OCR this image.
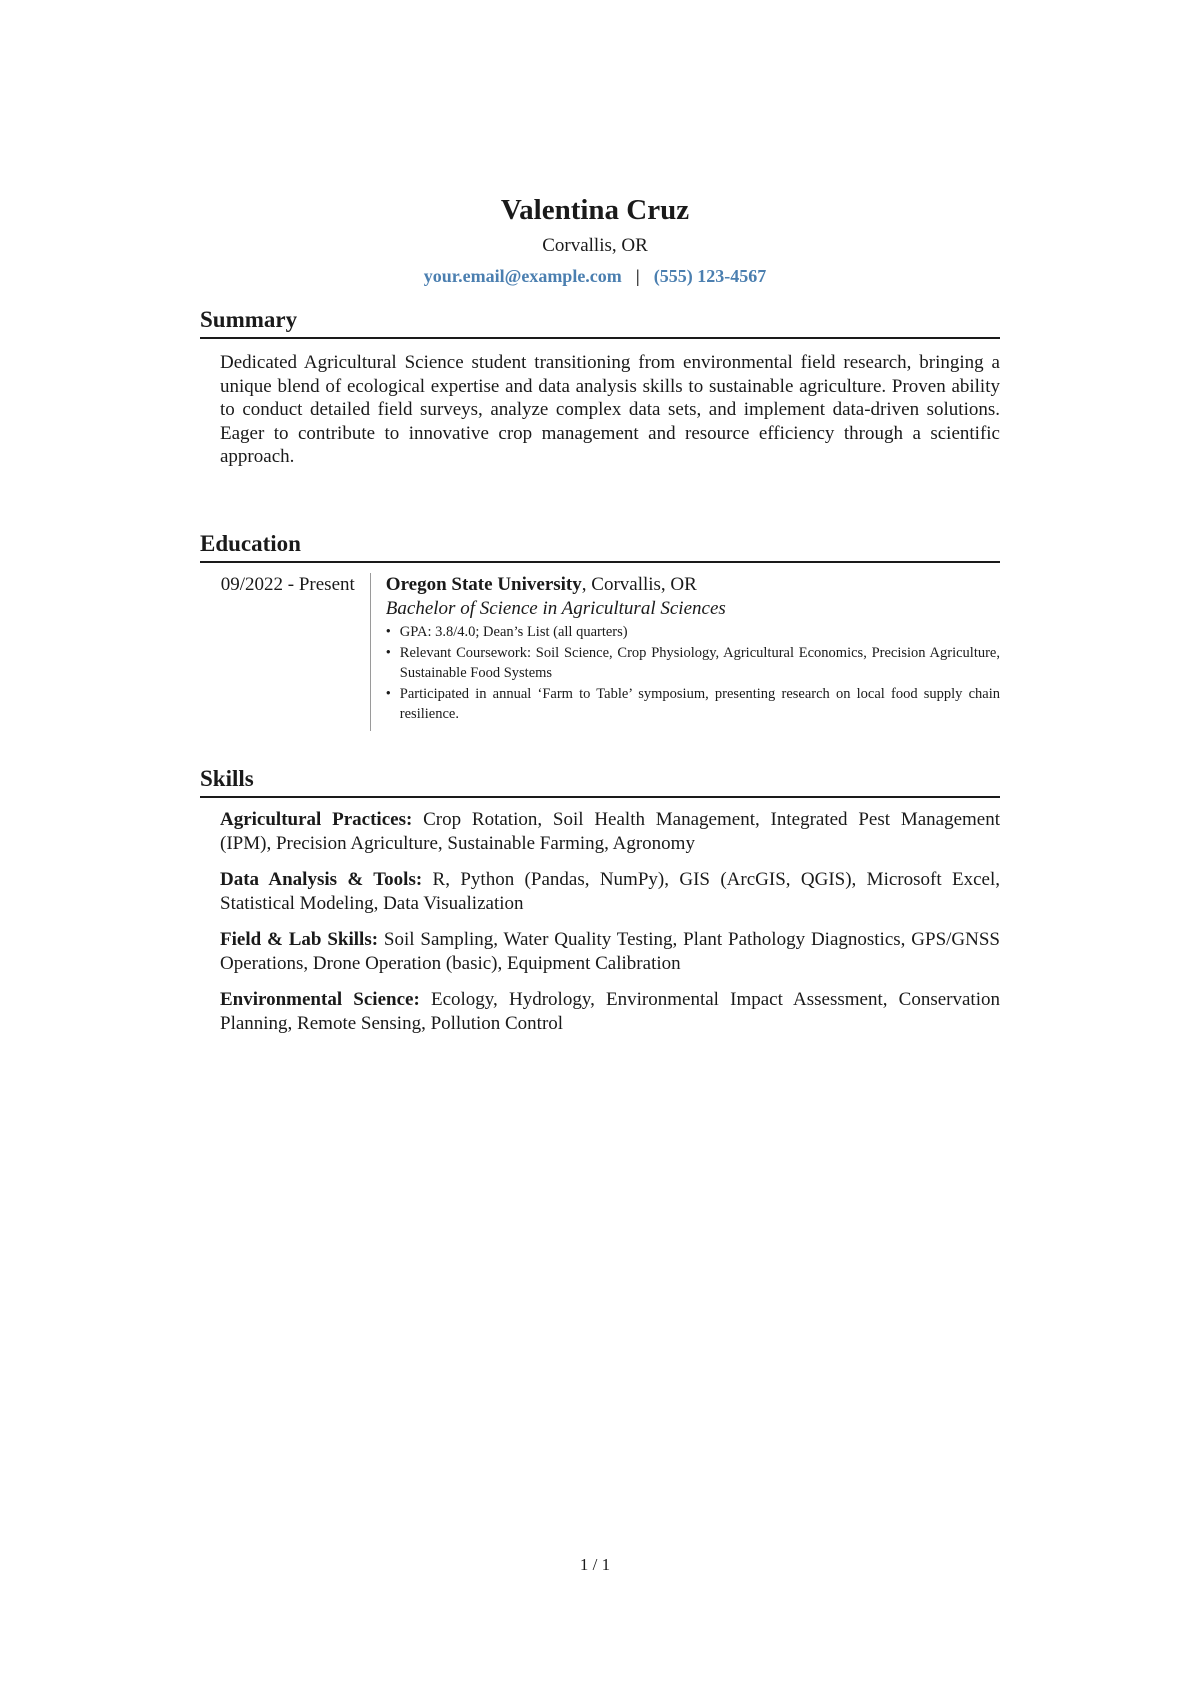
Valentina Cruz
Corvallis, OR
your.email@example.com | (555) 123-4567
Summary

Dedicated Agricultural Science student transitioning from environmental field research, bringing a unique blend of ecological expertise and data analysis skills to sustainable agriculture. Proven ability to conduct detailed field surveys, analyze complex data sets, and implement data-driven solutions. Eager to contribute to innovative crop management and resource efficiency through a scientific approach.

Education
09/2022 - Present	Oregon State University, Corvallis, OR
Bachelor of Science in Agricultural Sciences
• GPA: 3.8/4.0; Dean’s List (all quarters)
• Relevant Coursework: Soil Science, Crop Physiology, Agricultural Economics, Precision Agriculture, Sustainable Food Systems
• Participated in annual ‘Farm to Table’ symposium, presenting research on local food supply chain resilience.
Skills

Agricultural Practices: Crop Rotation, Soil Health Management, Integrated Pest Management (IPM), Precision Agriculture, Sustainable Farming, Agronomy

Data Analysis & Tools: R, Python (Pandas, NumPy), GIS (ArcGIS, QGIS), Microsoft Excel, Statistical Modeling, Data Visualization

Field & Lab Skills: Soil Sampling, Water Quality Testing, Plant Pathology Diagnostics, GPS/GNSS Operations, Drone Operation (basic), Equipment Calibration

Environmental Science: Ecology, Hydrology, Environmental Impact Assessment, Conservation Planning, Remote Sensing, Pollution Control

1 / 1
